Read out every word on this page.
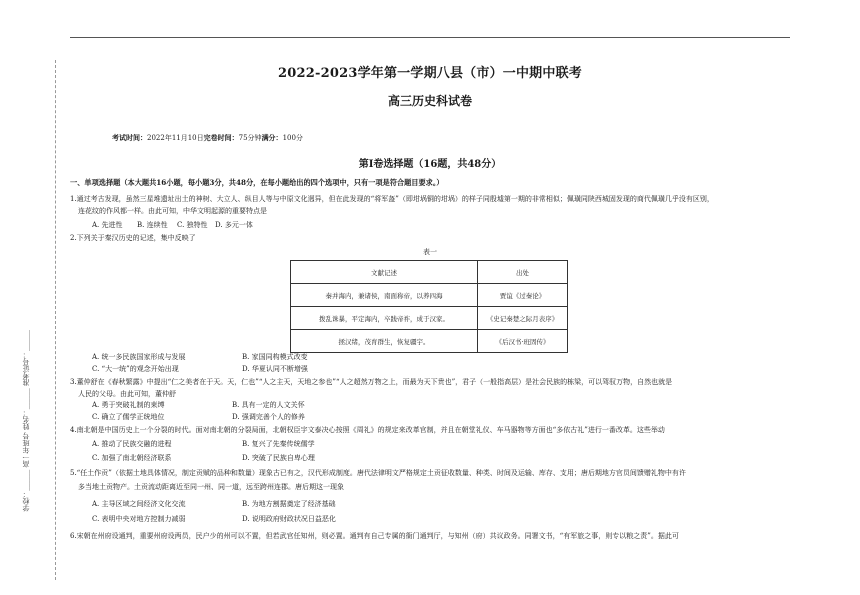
学校：______ 高一年班号 姓名：______ 准考证号：______
2022-2023学年第一学期八县（市）一中期中联考
高三历史科试卷
考试时间：2022年11月10日完卷时间：75分钟满分：100分
第Ⅰ卷选择题（16题，共48分）
一、单项选择题（本大题共16小题，每小题3分，共48分，在每小题给出的四个选项中，只有一项是符合题目要求。）
1.通过考古发现，虽然三星堆遗址出土的神树、大立人、纵目人等与中原文化迥异，但在此发现的“将军盔”（即坩埚铜的坩埚）的样子同殷墟第一期的非常相似；佩璜同陕西城固发现的商代佩璜几乎没有区别，
连花纹的作风都一样。由此可知，中华文明起源的重要特点是
A. 先进性 B. 连续性 C. 独特性 D. 多元一体
2.下列关于秦汉历史的记述，集中反映了
表一
文献记述	出处
秦并海内，兼诸侯，南面称帝，以养四海	贾谊《过秦论》
拨乱诛暴，平定海内，卒践帝祚，成于汉家。	《史记秦楚之际月表序》
拯汉绪，茂育群生，恢复疆宇。	《后汉书·班固传》
A. 统一多民族国家形成与发展	B. 家国同构模式改变
C. “大一统”的观念开始出现	D. 华夏认同不断增强
3.董仲舒在《春秋繁露》中提出“仁之美者在于天。天，仁也”“人之主天，天地之参也”“人之超然万物之上，而最为天下贵也”，君子（一般指高层）是社会民族的栋梁，可以驾驭万物，自然也就是
人民的父母。由此可知，董仲舒
A. 勇于突破礼制的束缚	B. 具有一定的人文关怀
C. 确立了儒学正统地位	D. 强调完善个人的修养
4.南北朝是中国历史上一个分裂的时代。面对南北朝的分裂局面，北朝权臣宇文泰决心按照《周礼》的规定来改革官制，并且在朝堂礼仪、车马器物等方面也“多依古礼”进行一番改革。这些举动
A. 推动了民族交融的进程	B. 复兴了先秦传统儒学
C. 加强了南北朝经济联系	D. 突破了民族自卑心理
5.“任土作贡”（依据土地具体情况，制定贡赋的品种和数量）现象古已有之，汉代形成制度。唐代法律明文严格规定土贡征收数量、种类、时间及运输、库存、支用；唐后期地方官员间馈赠礼物中有许
多当地土贡物产。土贡流动距离近至同一州、同一道，远至跨州连郡。唐后期这一现象
A. 主导区域之间经济文化交流	B. 为地方割据奠定了经济基础
C. 表明中央对地方控制力减弱	D. 说明政府财政状况日益恶化
6.宋朝在州府设通判，重要州府设两员，民户少的州可以不置，但若武官任知州，则必置。通判有自己专属的衙门通判厅，与知州（府）共议政务。同署文书，“有军旅之事，则专以粮之责”。据此可
